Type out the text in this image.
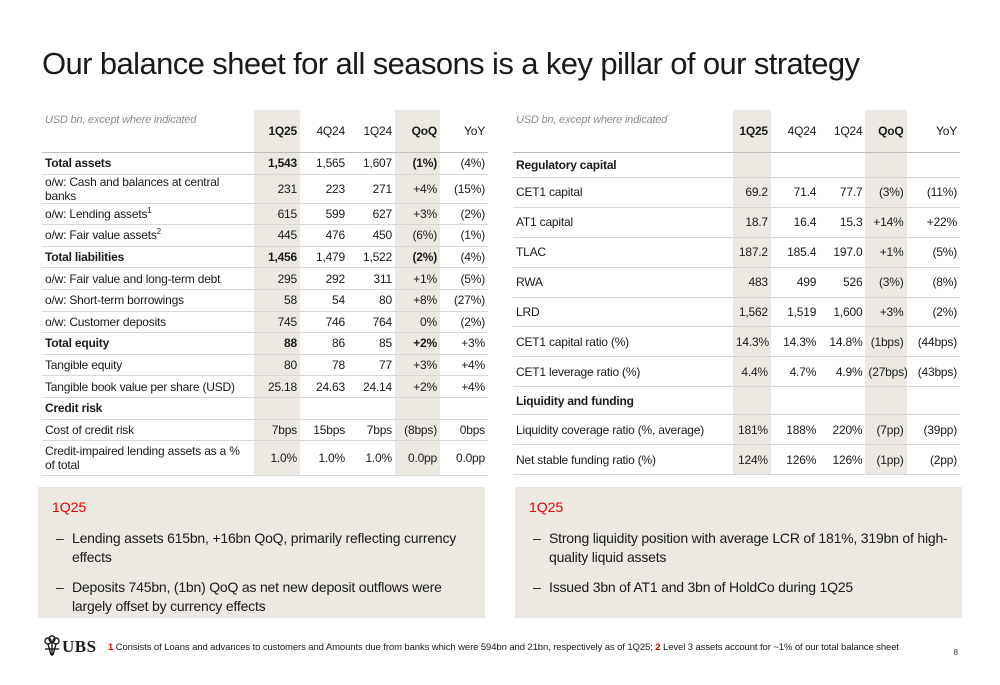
Our balance sheet for all seasons is a key pillar of our strategy
USD bn, except where indicated	1Q25	4Q24	1Q24	QoQ	YoY
Total assets	1,543	1,565	1,607	(1%)	(4%)
o/w: Cash and balances at central banks	231	223	271	+4%	(15%)
o/w: Lending assets$^1$	615	599	627	+3%	(2%)
o/w: Fair value assets$^2$	445	476	450	(6%)	(1%)
Total liabilities	1,456	1,479	1,522	(2%)	(4%)
o/w: Fair value and long-term debt	295	292	311	+1%	(5%)
o/w: Short-term borrowings	58	54	80	+8%	(27%)
o/w: Customer deposits	745	746	764	0%	(2%)
Total equity	88	86	85	+2%	+3%
Tangible equity	80	78	77	+3%	+4%
Tangible book value per share (USD)	25.18	24.63	24.14	+2%	+4%
Credit risk					
Cost of credit risk	7bps	15bps	7bps	(8bps)	0bps
Credit-impaired lending assets as a % of total	1.0%	1.0%	1.0%	0.0pp	0.0pp
USD bn, except where indicated	1Q25	4Q24	1Q24	QoQ	YoY
Regulatory capital					
CET1 capital	69.2	71.4	77.7	(3%)	(11%)
AT1 capital	18.7	16.4	15.3	+14%	+22%
TLAC	187.2	185.4	197.0	+1%	(5%)
RWA	483	499	526	(3%)	(8%)
LRD	1,562	1,519	1,600	+3%	(2%)
CET1 capital ratio (%)	14.3%	14.3%	14.8%	(1bps)	(44bps)
CET1 leverage ratio (%)	4.4%	4.7%	4.9%	(27bps)	(43bps)
Liquidity and funding					
Liquidity coverage ratio (%, average)	181%	188%	220%	(7pp)	(39pp)
Net stable funding ratio (%)	124%	126%	126%	(1pp)	(2pp)
1Q25
– Lending assets 615bn, +16bn QoQ, primarily reflecting currency effects
– Deposits 745bn, (1bn) QoQ as net new deposit outflows were largely offset by currency effects
1Q25
– Strong liquidity position with average LCR of 181%, 319bn of high-quality liquid assets
– Issued 3bn of AT1 and 3bn of HoldCo during 1Q25
UBS 1 Consists of Loans and advances to customers and Amounts due from banks which were 594bn and 21bn, respectively as of 1Q25; 2 Level 3 assets account for ~1% of our total balance sheet	8
